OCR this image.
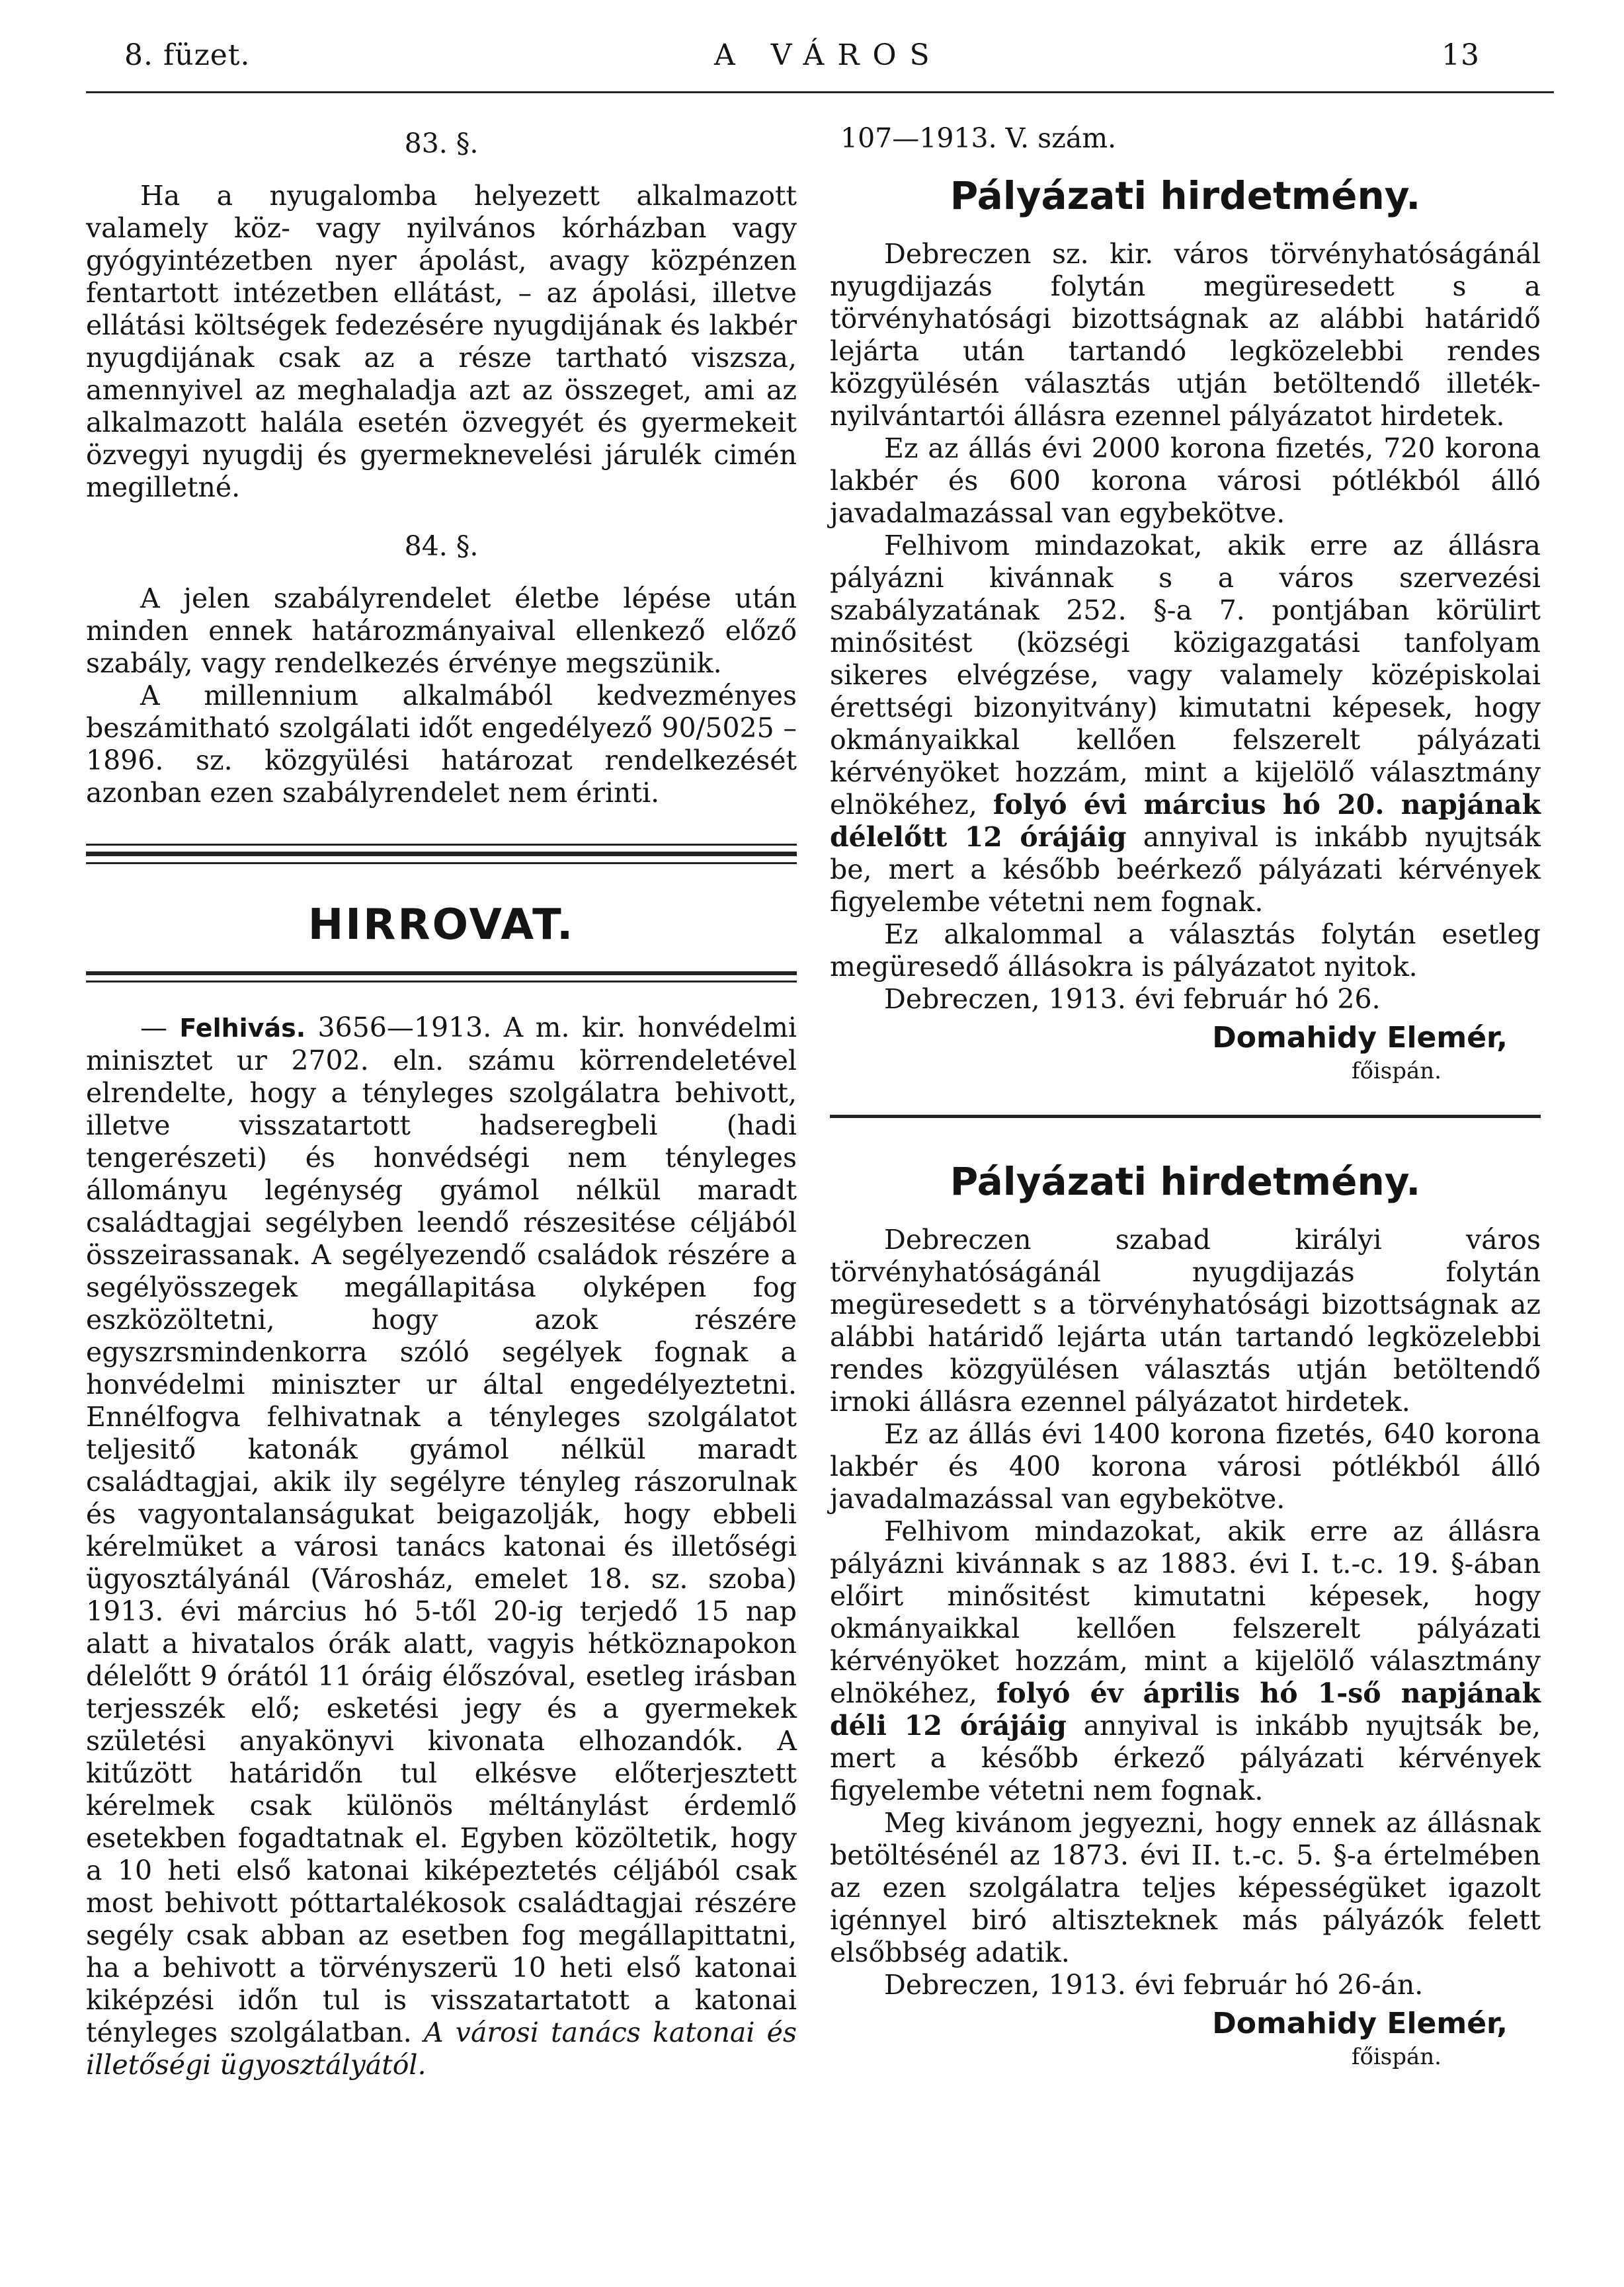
8. füzet.	A VÁROS	13
83. §.

Ha a nyugalomba helyezett alkalmazott valamely köz- vagy nyilvános kórházban vagy gyógyintézetben nyer ápolást, avagy közpénzen fentartott intézetben ellátást, – az ápolási, illetve ellátási költségek fedezésére nyugdijának és lakbér nyugdijának csak az a része tartható viszsza, amennyivel az meghaladja azt az összeget, ami az alkalmazott halála esetén özvegyét és gyermekeit özvegyi nyugdij és gyermeknevelési járulék cimén megilletné.

84. §.

A jelen szabályrendelet életbe lépése után minden ennek határozmányaival ellenkező előző szabály, vagy rendelkezés érvénye megszünik.

A millennium alkalmából kedvezményes beszámitható szolgálati időt engedélyező 90/5025 – 1896. sz. közgyülési határozat rendelkezését azonban ezen szabályrendelet nem érinti.

HIRROVAT.

— Felhivás. 3656—1913. A m. kir. honvédelmi minisztet ur 2702. eln. számu körrendeletével elrendelte, hogy a tényleges szolgálatra behivott, illetve visszatartott hadseregbeli (hadi tengerészeti) és honvédségi nem tényleges állományu legénység gyámol nélkül maradt családtagjai segélyben leendő részesitése céljából összeirassanak. A segélyezendő családok részére a segélyösszegek megállapitása olyképen fog eszközöltetni, hogy azok részére egyszrsmindenkorra szóló segélyek fognak a honvédelmi miniszter ur által engedélyeztetni. Ennélfogva felhivatnak a tényleges szolgálatot teljesitő katonák gyámol nélkül maradt családtagjai, akik ily segélyre tényleg rászorulnak és vagyontalanságukat beigazolják, hogy ebbeli kérelmüket a városi tanács katonai és illetőségi ügyosztályánál (Városház, emelet 18. sz. szoba) 1913. évi március hó 5-től 20-ig terjedő 15 nap alatt a hivatalos órák alatt, vagyis hétköznapokon délelőtt 9 órától 11 óráig élőszóval, esetleg irásban terjesszék elő; esketési jegy és a gyermekek születési anyakönyvi kivonata elhozandók. A kitűzött határidőn tul elkésve előterjesztett kérelmek csak különös méltánylást érdemlő esetekben fogadtatnak el. Egyben közöltetik, hogy a 10 heti első katonai kiképeztetés céljából csak most behivott póttartalékosok családtagjai részére segély csak abban az esetben fog megállapittatni, ha a behivott a törvényszerü 10 heti első katonai kiképzési időn tul is visszatartatott a katonai tényleges szolgálatban. A városi tanács katonai és illetőségi ügyosztályától.

107—1913. V. szám.
Pályázati hirdetmény.

Debreczen sz. kir. város törvényhatóságánál nyugdijazás folytán megüresedett s a törvényhatósági bizottságnak az alábbi határidő lejárta után tartandó legközelebbi rendes közgyülésén választás utján betöltendő illeték-nyilvántartói állásra ezennel pályázatot hirdetek.

Ez az állás évi 2000 korona fizetés, 720 korona lakbér és 600 korona városi pótlékból álló javadalmazással van egybekötve.

Felhivom mindazokat, akik erre az állásra pályázni kivánnak s a város szervezési szabályzatának 252. §-a 7. pontjában körülirt minősitést (községi közigazgatási tanfolyam sikeres elvégzése, vagy valamely középiskolai érettségi bizonyitvány) kimutatni képesek, hogy okmányaikkal kellően felszerelt pályázati kérvényöket hozzám, mint a kijelölő választmány elnökéhez, folyó évi március hó 20. napjának délelőtt 12 órájáig annyival is inkább nyujtsák be, mert a később beérkező pályázati kérvények figyelembe vétetni nem fognak.

Ez alkalommal a választás folytán esetleg megüresedő állásokra is pályázatot nyitok.

Debreczen, 1913. évi február hó 26.

Domahidy Elemér,
főispán.
Pályázati hirdetmény.

Debreczen szabad királyi város törvényhatóságánál nyugdijazás folytán megüresedett s a törvényhatósági bizottságnak az alábbi határidő lejárta után tartandó legközelebbi rendes közgyülésen választás utján betöltendő irnoki állásra ezennel pályázatot hirdetek.

Ez az állás évi 1400 korona fizetés, 640 korona lakbér és 400 korona városi pótlékból álló javadalmazással van egybekötve.

Felhivom mindazokat, akik erre az állásra pályázni kivánnak s az 1883. évi I. t.-c. 19. §-ában előirt minősitést kimutatni képesek, hogy okmányaikkal kellően felszerelt pályázati kérvényöket hozzám, mint a kijelölő választmány elnökéhez, folyó év április hó 1-ső napjának déli 12 órájáig annyival is inkább nyujtsák be, mert a később érkező pályázati kérvények figyelembe vétetni nem fognak.

Meg kivánom jegyezni, hogy ennek az állásnak betöltésénél az 1873. évi II. t.-c. 5. §-a értelmében az ezen szolgálatra teljes képességüket igazolt igénnyel biró altiszteknek más pályázók felett elsőbbség adatik.

Debreczen, 1913. évi február hó 26-án.

Domahidy Elemér,
főispán.
